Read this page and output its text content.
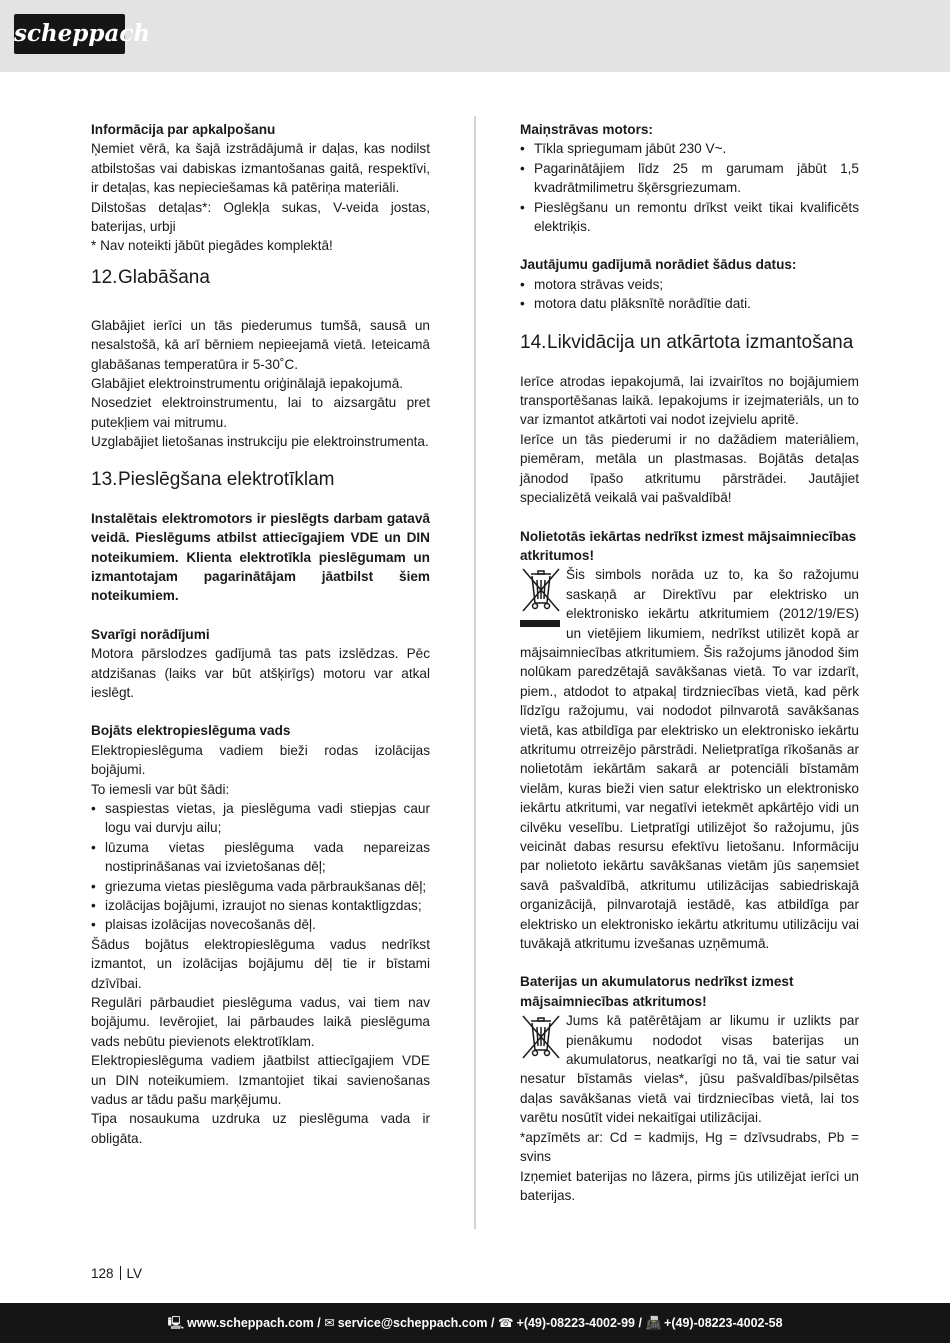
scheppach

Informācija par apkalpošanu

Ņemiet vērā, ka šajā izstrādājumā ir daļas, kas nodilst atbilstošas vai dabiskas izmantošanas gaitā, respektīvi, ir detaļas, kas nepieciešamas kā patēriņa materiāli.

Dilstošas detaļas*: Oglekļa sukas, V-veida jostas, baterijas, urbji

* Nav noteikti jābūt piegādes komplektā!

12. Glabāšana

Glabājiet ierīci un tās piederumus tumšā, sausā un nesalstošā, kā arī bērniem nepieejamā vietā. Ieteicamā glabāšanas temperatūra ir 5-30˚C.

Glabājiet elektroinstrumentu oriģinālajā iepakojumā.

Nosedziet elektroinstrumentu, lai to aizsargātu pret putekļiem vai mitrumu.

Uzglabājiet lietošanas instrukciju pie elektroinstrumenta.

13. Pieslēgšana elektrotīklam

Instalētais elektromotors ir pieslēgts darbam gatavā veidā. Pieslēgums atbilst attiecīgajiem VDE un DIN noteikumiem. Klienta elektrotīkla pieslēgumam un izmantotajam pagarinātājam jāatbilst šiem noteikumiem.

Svarīgi norādījumi

Motora pārslodzes gadījumā tas pats izslēdzas. Pēc atdzišanas (laiks var būt atšķirīgs) motoru var atkal ieslēgt.

Bojāts elektropieslēguma vads

Elektropieslēguma vadiem bieži rodas izolācijas bojājumi.

To iemesli var būt šādi:

• saspiestas vietas, ja pieslēguma vadi stiepjas caur logu vai durvju ailu;
• lūzuma vietas pieslēguma vada nepareizas nostiprināšanas vai izvietošanas dēļ;
• griezuma vietas pieslēguma vada pārbraukšanas dēļ;
• izolācijas bojājumi, izraujot no sienas kontaktligzdas;
• plaisas izolācijas novecošanās dēļ.

Šādus bojātus elektropieslēguma vadus nedrīkst izmantot, un izolācijas bojājumu dēļ tie ir bīstami dzīvībai.

Regulāri pārbaudiet pieslēguma vadus, vai tiem nav bojājumu. Ievērojiet, lai pārbaudes laikā pieslēguma vads nebūtu pievienots elektrotīklam.

Elektropieslēguma vadiem jāatbilst attiecīgajiem VDE un DIN noteikumiem. Izmantojiet tikai savienošanas vadus ar tādu pašu marķējumu.

Tipa nosaukuma uzdruka uz pieslēguma vada ir obligāta.

Maiņstrāvas motors:

• Tīkla spriegumam jābūt 230 V~.
• Pagarinātājiem līdz 25 m garumam jābūt 1,5 kvadrātmilimetru šķērsgriezumam.
• Pieslēgšanu un remontu drīkst veikt tikai kvalificēts elektriķis.

Jautājumu gadījumā norādiet šādus datus:

• motora strāvas veids;
• motora datu plāksnītē norādītie dati.
14. Likvidācija un atkārtota izmantošana

Ierīce atrodas iepakojumā, lai izvairītos no bojājumiem transportēšanas laikā. Iepakojums ir izejmateriāls, un to var izmantot atkārtoti vai nodot izejvielu apritē.

Ierīce un tās piederumi ir no dažādiem materiāliem, piemēram, metāla un plastmasas. Bojātās detaļas jānodod īpašo atkritumu pārstrādei. Jautājiet specializētā veikalā vai pašvaldībā!

Nolietotās iekārtas nedrīkst izmest mājsaimniecības atkritumos!

Šis simbols norāda uz to, ka šo ražojumu saskaņā ar Direktīvu par elektrisko un elektronisko iekārtu atkritumiem (2012/19/ES) un vietējiem likumiem, nedrīkst utilizēt kopā ar mājsaimniecības atkritumiem. Šis ražojums jānodod šim nolūkam paredzētajā savākšanas vietā. To var izdarīt, piem., atdodot to atpakaļ tirdzniecības vietā, kad pērk līdzīgu ražojumu, vai nododot pilnvarotā savākšanas vietā, kas atbildīga par elektrisko un elektronisko iekārtu atkritumu otrreizējo pārstrādi. Nelietpratīga rīkošanās ar nolietotām iekārtām sakarā ar potenciāli bīstamām vielām, kuras bieži vien satur elektrisko un elektronisko iekārtu atkritumi, var negatīvi ietekmēt apkārtējo vidi un cilvēku veselību. Lietpratīgi utilizējot šo ražojumu, jūs veicināt dabas resursu efektīvu lietošanu. Informāciju par nolietoto iekārtu savākšanas vietām jūs saņemsiet savā pašvaldībā, atkritumu utilizācijas sabiedriskajā organizācijā, pilnvarotajā iestādē, kas atbildīga par elektrisko un elektronisko iekārtu atkritumu utilizāciju vai tuvākajā atkritumu izvešanas uzņēmumā.

Baterijas un akumulatorus nedrīkst izmest mājsaimniecības atkritumos!

Jums kā patērētājam ar likumu ir uzlikts par pienākumu nododot visas baterijas un akumulatorus, neatkarīgi no tā, vai tie satur vai nesatur bīstamās vielas*, jūsu pašvaldības/pilsētas daļas savākšanas vietā vai tirdzniecības vietā, lai tos varētu nosūtīt videi nekaitīgai utilizācijai.

*apzīmēts ar: Cd = kadmijs, Hg = dzīvsudrabs, Pb = svins

Izņemiet baterijas no lāzera, pirms jūs utilizējat ierīci un baterijas.

128 LV
🖳 www.scheppach.com / ✉ service@scheppach.com / ☎ +(49)-08223-4002-99 / 📠 +(49)-08223-4002-58
